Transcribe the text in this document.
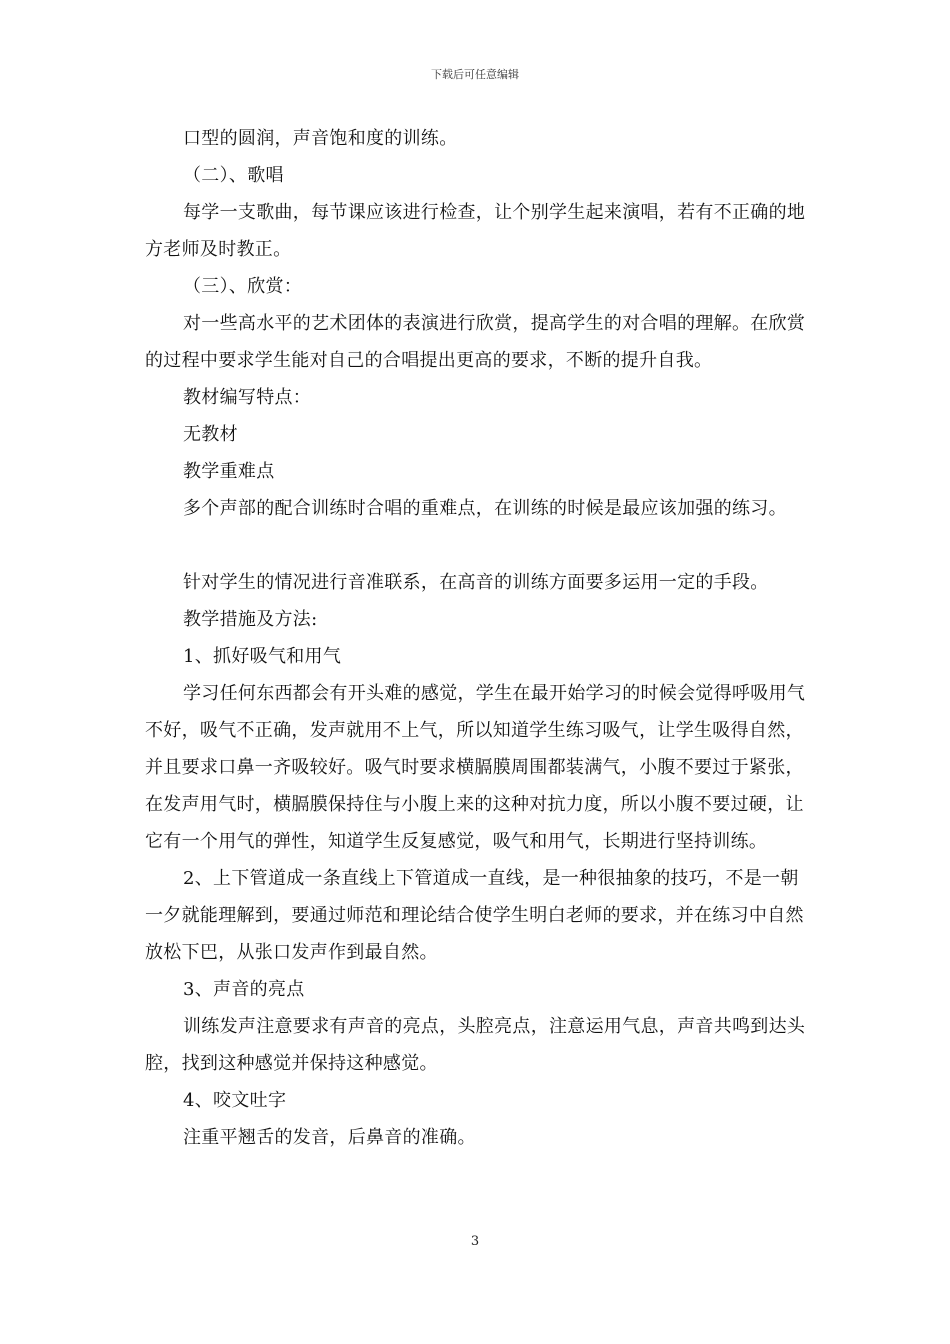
下载后可任意编辑

口型的圆润，声音饱和度的训练。

（二）、歌唱

每学一支歌曲，每节课应该进行检查，让个别学生起来演唱，若有不正确的地方老师及时教正。

（三）、欣赏：

对一些高水平的艺术团体的表演进行欣赏，提高学生的对合唱的理解。在欣赏的过程中要求学生能对自己的合唱提出更高的要求，不断的提升自我。

教材编写特点：

无教材

教学重难点

多个声部的配合训练时合唱的重难点，在训练的时候是最应该加强的练习。

针对学生的情况进行音准联系，在高音的训练方面要多运用一定的手段。

教学措施及方法:

1、抓好吸气和用气

学习任何东西都会有开头难的感觉，学生在最开始学习的时候会觉得呼吸用气不好，吸气不正确，发声就用不上气，所以知道学生练习吸气，让学生吸得自然，并且要求口鼻一齐吸较好。吸气时要求横膈膜周围都装满气，小腹不要过于紧张，在发声用气时，横膈膜保持住与小腹上来的这种对抗力度，所以小腹不要过硬，让它有一个用气的弹性，知道学生反复感觉，吸气和用气，长期进行坚持训练。

2、上下管道成一条直线上下管道成一直线，是一种很抽象的技巧，不是一朝一夕就能理解到，要通过师范和理论结合使学生明白老师的要求，并在练习中自然放松下巴，从张口发声作到最自然。

3、声音的亮点

训练发声注意要求有声音的亮点，头腔亮点，注意运用气息，声音共鸣到达头腔，找到这种感觉并保持这种感觉。

4、咬文吐字

注重平翘舌的发音，后鼻音的准确。

3
